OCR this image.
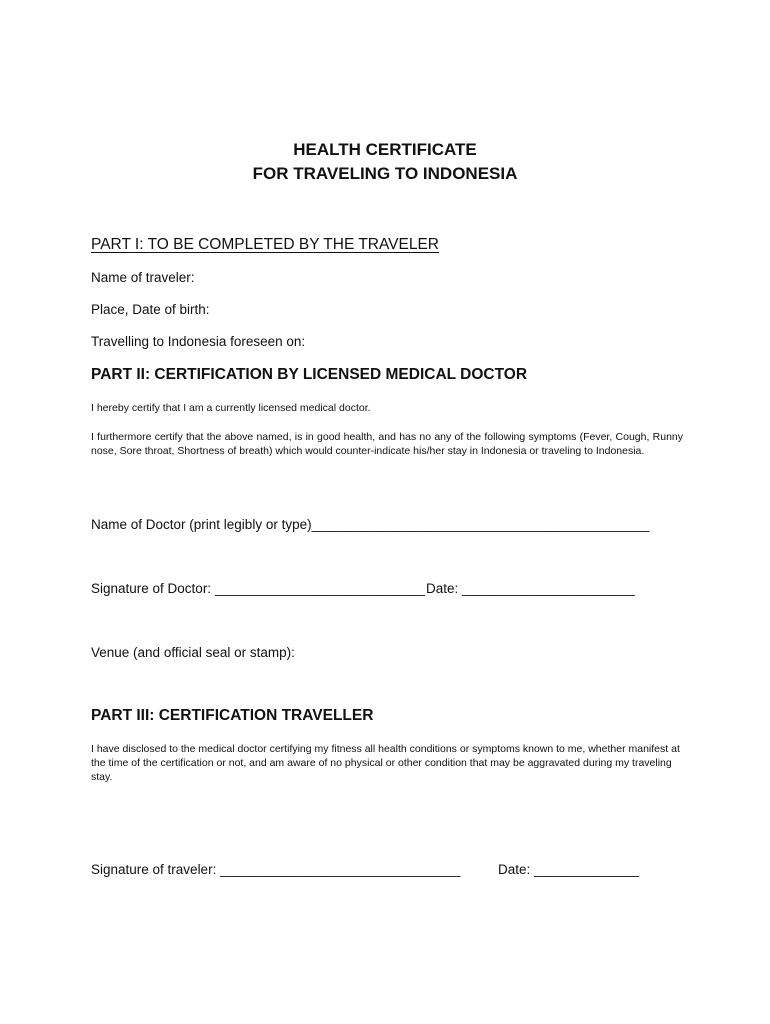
HEALTH CERTIFICATE
FOR TRAVELING TO INDONESIA
PART I: TO BE COMPLETED BY THE TRAVELER
Name of traveler:
Place, Date of birth:
Travelling to Indonesia foreseen on:
PART II: CERTIFICATION BY LICENSED MEDICAL DOCTOR
I hereby certify that I am a currently licensed medical doctor.
I furthermore certify that the above named, is in good health, and has no any of the following symptoms (Fever, Cough, Runny nose, Sore throat, Shortness of breath) which would counter-indicate his/her stay in Indonesia or traveling to Indonesia.
Name of Doctor (print legibly or type)_____________________________________________
Signature of Doctor: ____________________________ Date: _______________________
Venue (and official seal or stamp):
PART III: CERTIFICATION TRAVELLER
I have disclosed to the medical doctor certifying my fitness all health conditions or symptoms known to me, whether manifest at the time of the certification or not, and am aware of no physical or other condition that may be aggravated during my traveling stay.
Signature of traveler: ________________________________	Date: ______________
